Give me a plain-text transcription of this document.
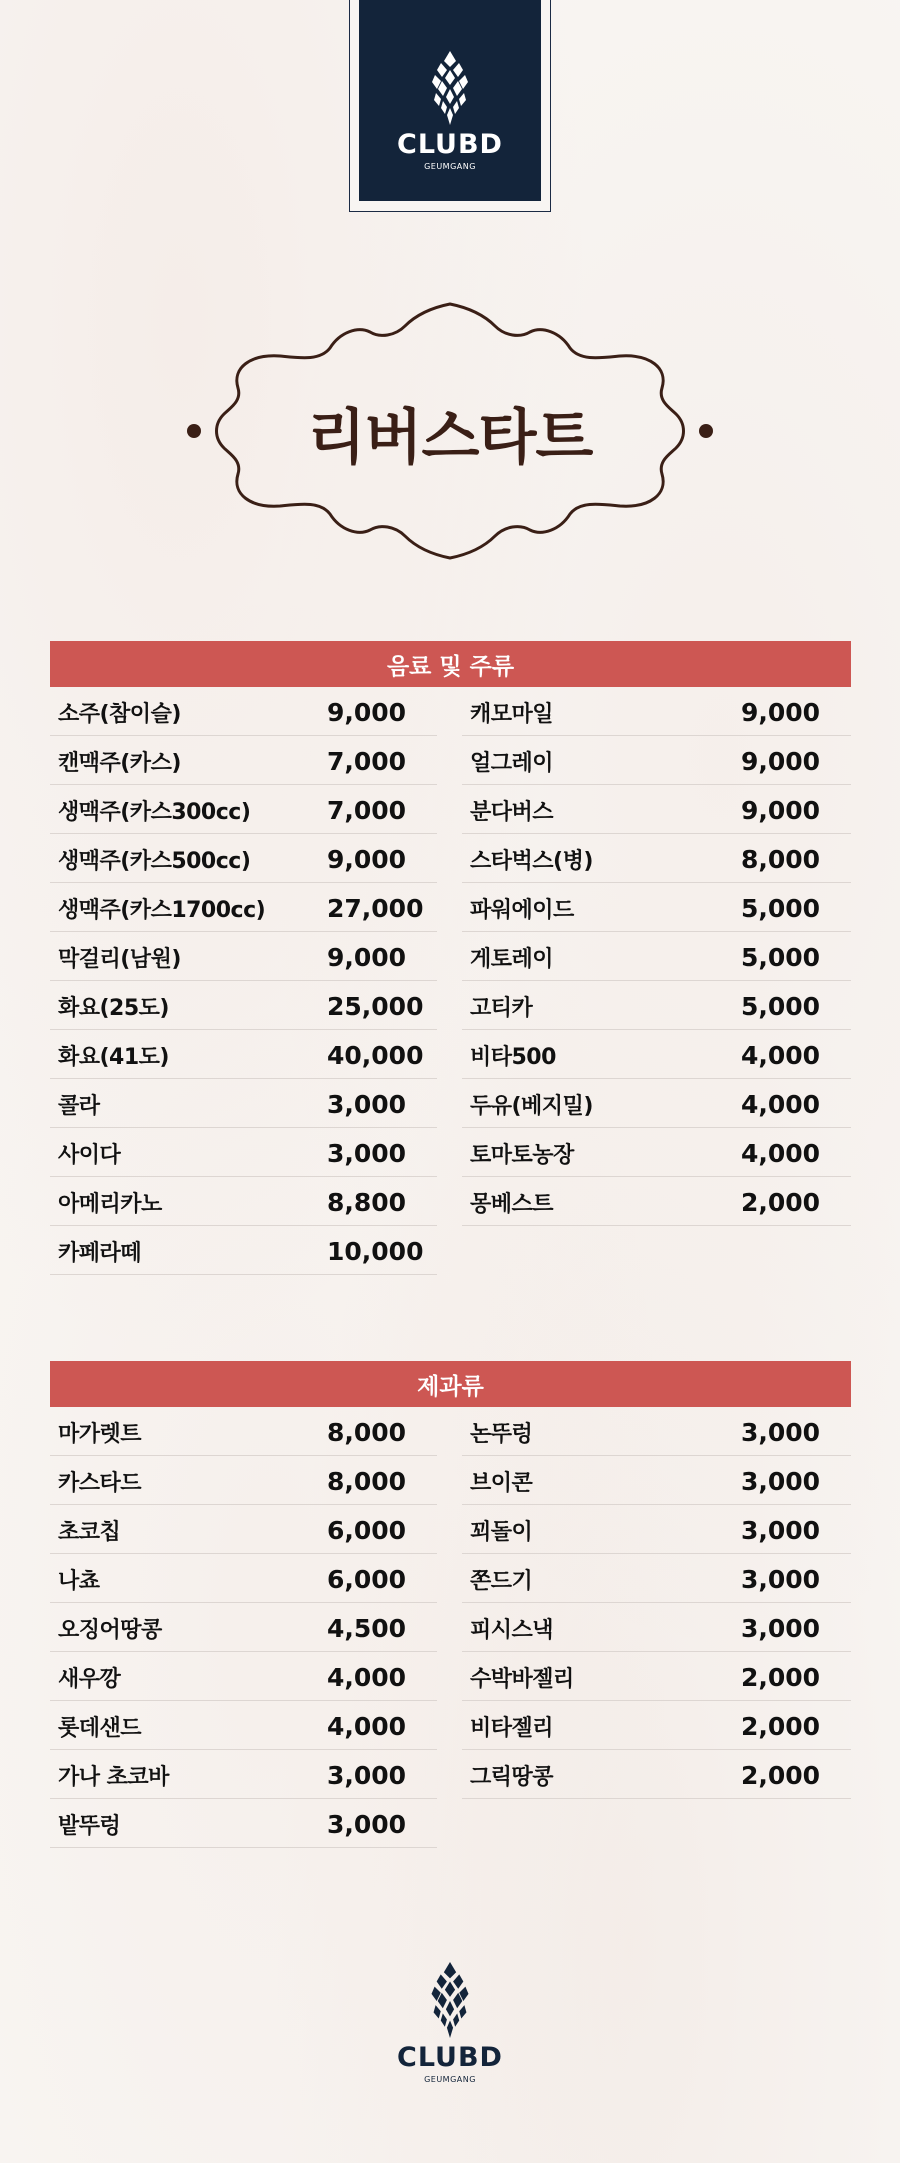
CLUBD
GEUMGANG
리버스타트
음료 및 주류
소주(참이슬)	9,000
캔맥주(카스)	7,000
생맥주(카스300cc)	7,000
생맥주(카스500cc)	9,000
생맥주(카스1700cc) 27,000
막걸리(남원)	9,000
화요(25도)	25,000
화요(41도)	40,000
콜라	3,000
사이다	3,000
아메리카노	8,800
카페라떼	10,000
캐모마일	9,000
얼그레이	9,000
분다버스	9,000
스타벅스(병)	8,000
파워에이드	5,000
게토레이	5,000
고티카	5,000
비타500	4,000
두유(베지밀)	4,000
토마토농장	4,000
몽베스트	2,000
제과류
마가렛트	8,000
카스타드	8,000
초코칩	6,000
나쵸	6,000
오징어땅콩	4,500
새우깡	4,000
롯데샌드	4,000
가나 초코바	3,000
밭뚜렁	3,000
논뚜렁	3,000
브이콘	3,000
꾀돌이	3,000
쫀드기	3,000
피시스낵	3,000
수박바젤리	2,000
비타젤리	2,000
그릭땅콩	2,000
CLUBD
GEUMGANG
